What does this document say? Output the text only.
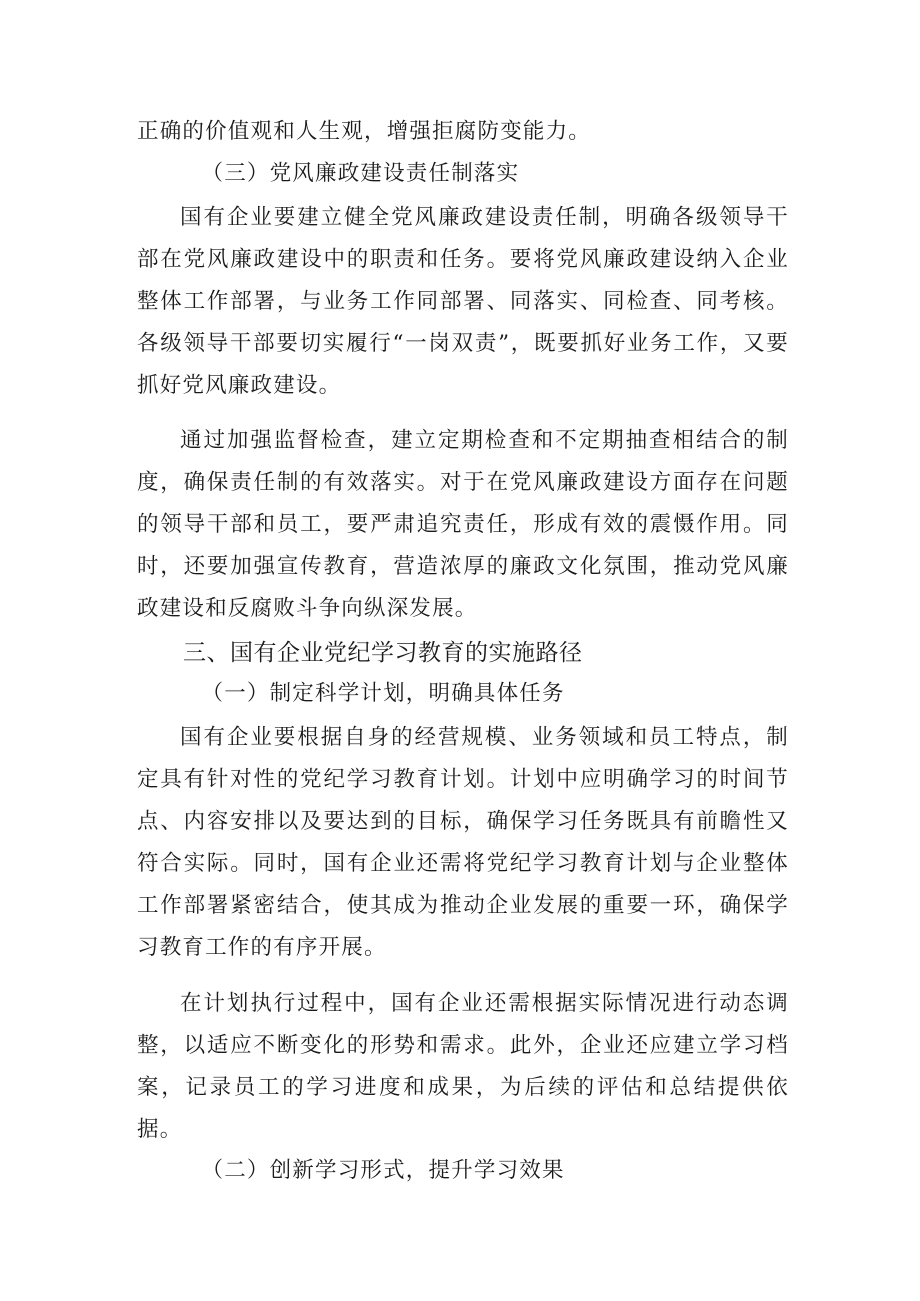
正确的价值观和人生观，增强拒腐防变能力。

（三）党风廉政建设责任制落实

国有企业要建立健全党风廉政建设责任制，明确各级领导干部在党风廉政建设中的职责和任务。要将党风廉政建设纳入企业整体工作部署，与业务工作同部署、同落实、同检查、同考核。各级领导干部要切实履行“一岗双责”，既要抓好业务工作，又要抓好党风廉政建设。

通过加强监督检查，建立定期检查和不定期抽查相结合的制度，确保责任制的有效落实。对于在党风廉政建设方面存在问题的领导干部和员工，要严肃追究责任，形成有效的震慑作用。同时，还要加强宣传教育，营造浓厚的廉政文化氛围，推动党风廉政建设和反腐败斗争向纵深发展。

三、国有企业党纪学习教育的实施路径

（一）制定科学计划，明确具体任务

国有企业要根据自身的经营规模、业务领域和员工特点，制定具有针对性的党纪学习教育计划。计划中应明确学习的时间节点、内容安排以及要达到的目标，确保学习任务既具有前瞻性又符合实际。同时，国有企业还需将党纪学习教育计划与企业整体工作部署紧密结合，使其成为推动企业发展的重要一环，确保学习教育工作的有序开展。

在计划执行过程中，国有企业还需根据实际情况进行动态调整，以适应不断变化的形势和需求。此外，企业还应建立学习档案，记录员工的学习进度和成果，为后续的评估和总结提供依据。

（二）创新学习形式，提升学习效果
